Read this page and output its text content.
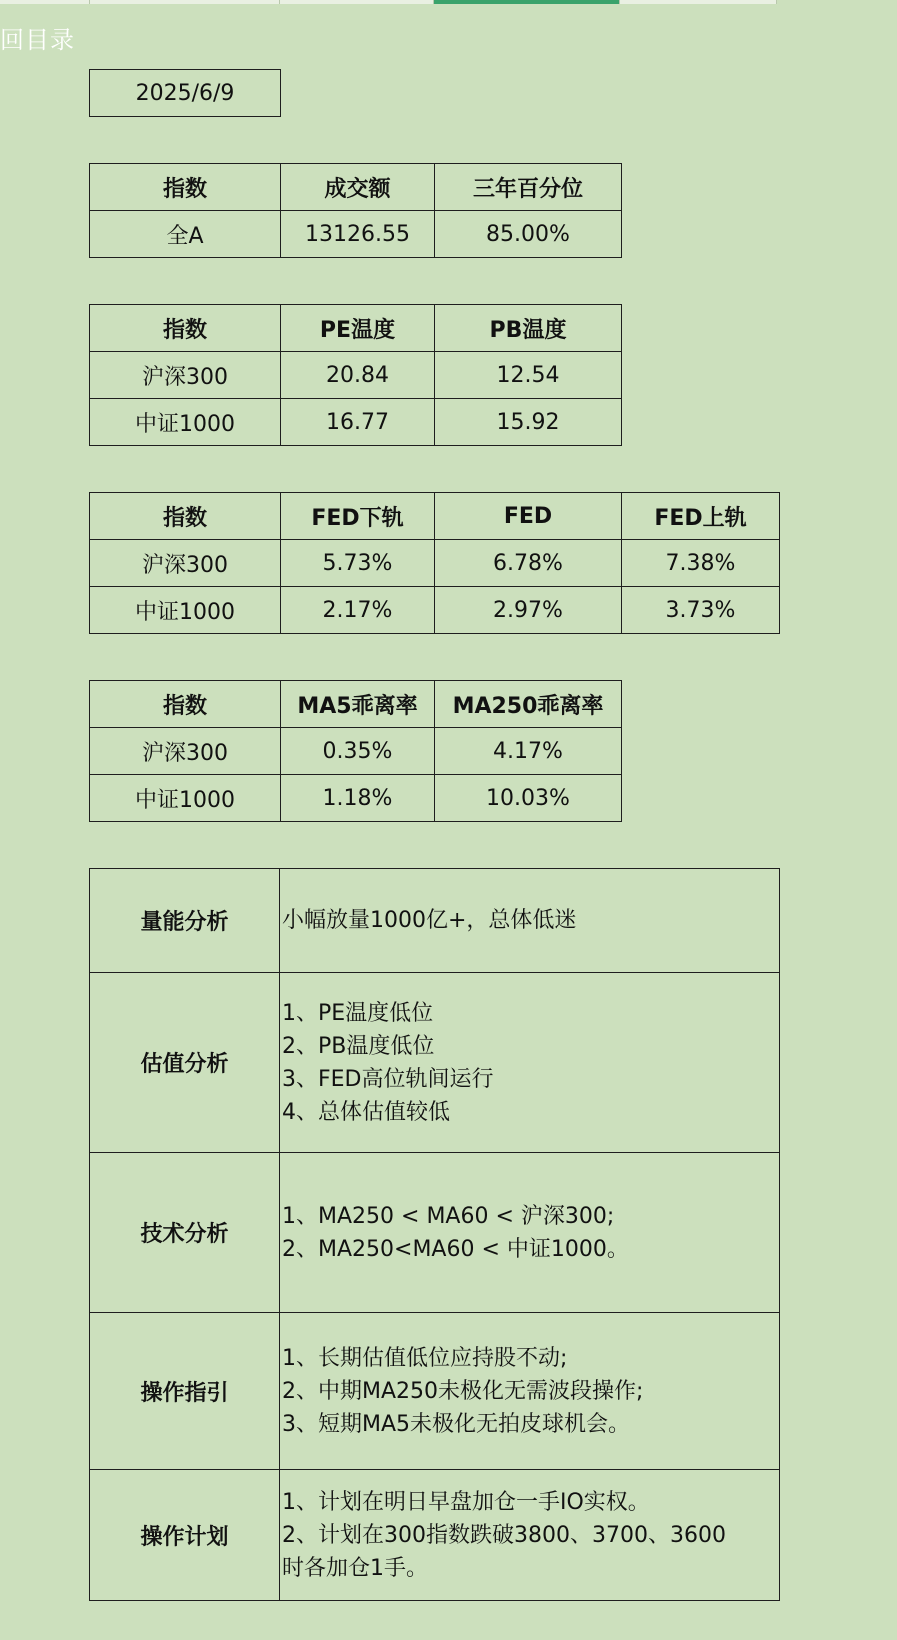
回目录
2025/6/9
指数	成交额	三年百分位
全A	13126.55	85.00%
指数	PE温度	PB温度
沪深300	20.84	12.54
中证1000	16.77	15.92
指数	FED下轨	FED	FED上轨
沪深300	5.73%	6.78%	7.38%
中证1000	2.17%	2.97%	3.73%
指数	MA5乖离率	MA250乖离率
沪深300	0.35%	4.17%
中证1000	1.18%	10.03%
量能分析	小幅放量1000亿+，总体低迷

估值分析	1、PE温度低位
2、PB温度低位
3、FED高位轨间运行
4、总体估值较低

技术分析	1、MA250 < MA60 < 沪深300;
2、MA250<MA60 < 中证1000。

操作指引	1、长期估值低位应持股不动;
2、中期MA250未极化无需波段操作;
3、短期MA5未极化无拍皮球机会。

操作计划	1、计划在明日早盘加仓一手IO实权。
2、计划在300指数跌破3800、3700、3600
时各加仓1手。
